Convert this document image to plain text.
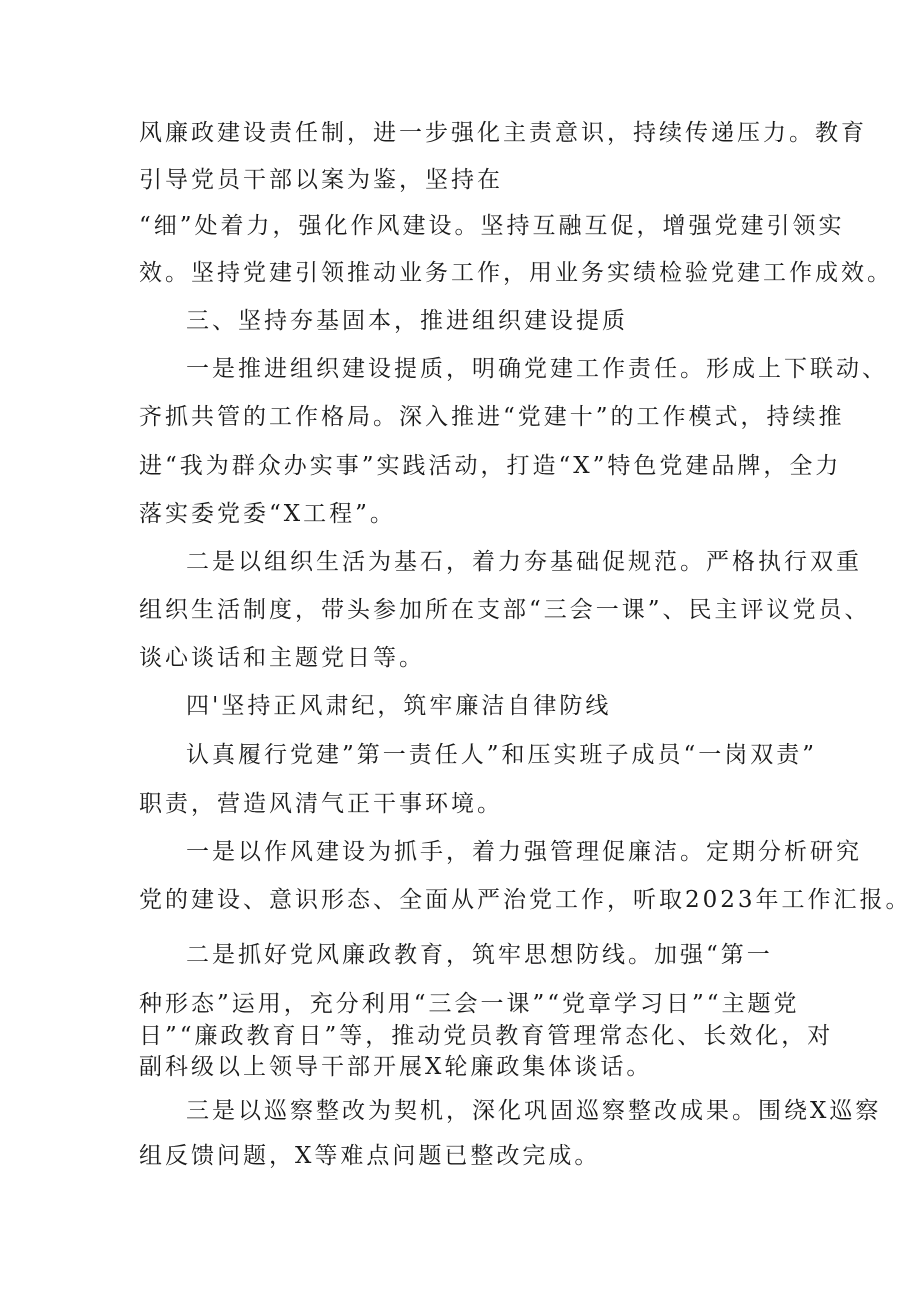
风廉政建设责任制，进一步强化主责意识，持续传递压力。教育
引导党员干部以案为鉴，坚持在
“细”处着力，强化作风建设。坚持互融互促，增强党建引领实
效。坚持党建引领推动业务工作，用业务实绩检验党建工作成效。
三、坚持夯基固本，推进组织建设提质
一是推进组织建设提质，明确党建工作责任。形成上下联动、
齐抓共管的工作格局。深入推进“党建十”的工作模式，持续推
进“我为群众办实事”实践活动，打造“X”特色党建品牌，全力
落实委党委“X工程”。
二是以组织生活为基石，着力夯基础促规范。严格执行双重
组织生活制度，带头参加所在支部“三会一课”、民主评议党员、
谈心谈话和主题党日等。
四'坚持正风肃纪，筑牢廉洁自律防线
认真履行党建”第一责任人”和压实班子成员“一岗双责”
职责，营造风清气正干事环境。
一是以作风建设为抓手，着力强管理促廉洁。定期分析研究
党的建设、意识形态、全面从严治党工作，听取2023年工作汇报。
二是抓好党风廉政教育，筑牢思想防线。加强“第一
种形态”运用，充分利用“三会一课”“党章学习日”“主题党
日”“廉政教育日”等，推动党员教育管理常态化、长效化，对
副科级以上领导干部开展X轮廉政集体谈话。
三是以巡察整改为契机，深化巩固巡察整改成果。围绕X巡察
组反馈问题，X等难点问题已整改完成。
